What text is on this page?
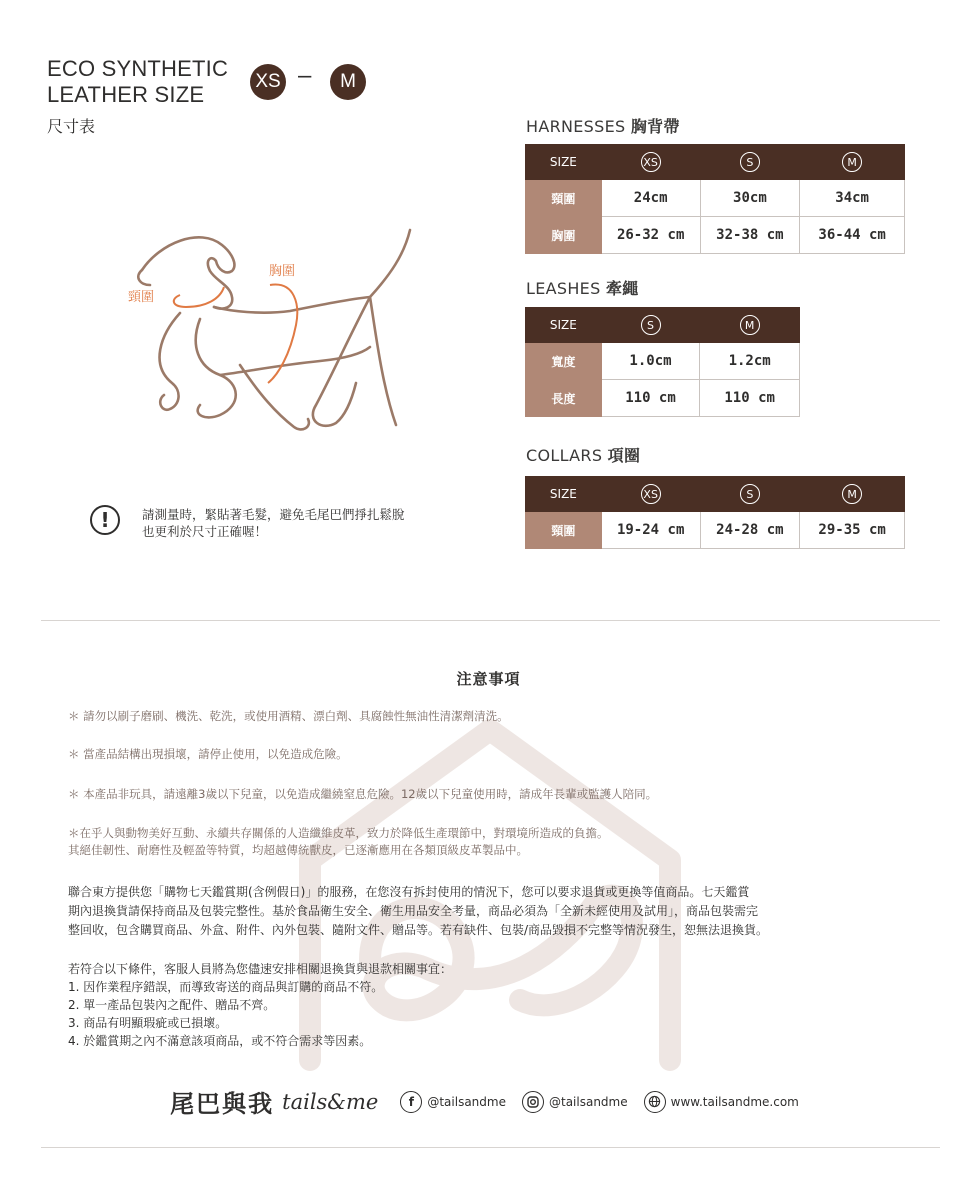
ECO SYNTHETIC
LEATHER SIZE
尺寸表
XS –	M
頸圍
胸圍
HARNESSES 胸背帶
SIZE	XS	S	M
頸圍	24cm	30cm	34cm
胸圍	26-32 cm	32-38 cm	36-44 cm
LEASHES 牽繩
SIZE	S	M
寬度	1.0cm	1.2cm
長度	110 cm	110 cm
COLLARS 項圈
SIZE	XS	S	M
頸圍	19-24 cm	24-28 cm	29-35 cm
!	請測量時，緊貼著毛髮，避免毛尾巴們掙扎鬆脫
也更利於尺寸正確喔！
注意事項
＊ 請勿以刷子磨刷、機洗、乾洗，或使用酒精、漂白劑、具腐蝕性無油性清潔劑清洗。
＊ 當產品結構出現損壞，請停止使用，以免造成危險。
＊ 本產品非玩具，請遠離3歲以下兒童，以免造成繼繞窒息危險。12歲以下兒童使用時，請成年長輩或監護人陪同。
＊在乎人與動物美好互動、永續共存關係的人造纖維皮革，致力於降低生產環節中，對環境所造成的負擔。
其絕佳韌性、耐磨性及輕盈等特質，均超越傳統獸皮，已逐漸應用在各類頂級皮革製品中。
聯合東方提供您「購物七天鑑賞期(含例假日)」的服務，在您沒有拆封使用的情況下，您可以要求退貨或更換等值商品。七天鑑賞
期內退換貨請保持商品及包裝完整性。基於食品衛生安全、衛生用品安全考量，商品必須為「全新未經使用及試用」，商品包裝需完
整回收，包含購買商品、外盒、附件、內外包裝、隨附文件、贈品等。若有缺件、包裝/商品毀損不完整等情況發生，恕無法退換貨。
若符合以下條件，客服人員將為您儘速安排相關退換貨與退款相關事宜：
1. 因作業程序錯誤，而導致寄送的商品與訂購的商品不符。
2. 單一產品包裝內之配件、贈品不齊。
3. 商品有明顯瑕疵或已損壞。
4. 於鑑賞期之內不滿意該項商品，或不符合需求等因素。
尾巴與我 tails&me	f	@tailsandme	@tailsandme	www.tailsandme.com
